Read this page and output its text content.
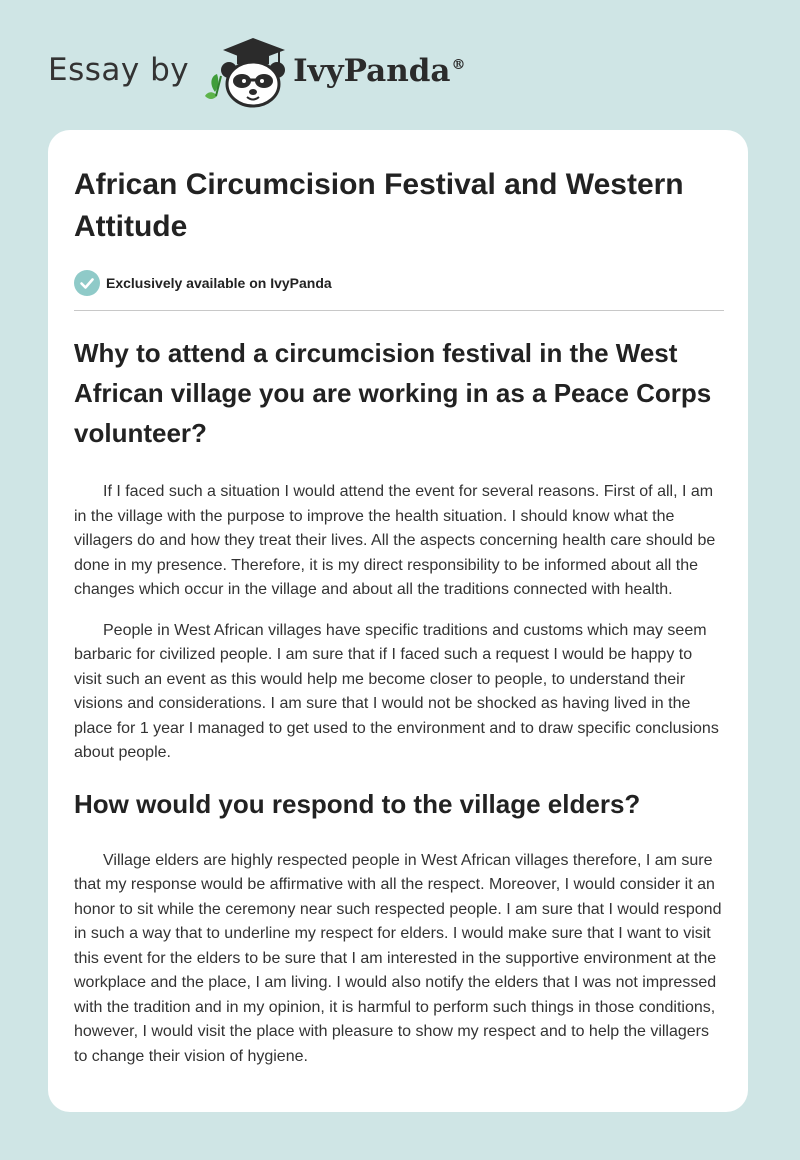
Essay by	IvyPanda®
African Circumcision Festival and Western Attitude
Exclusively available on IvyPanda
Why to attend a circumcision festival in the West African village you are working in as a Peace Corps volunteer?

If I faced such a situation I would attend the event for several reasons. First of all, I am in the village with the purpose to improve the health situation. I should know what the villagers do and how they treat their lives. All the aspects concerning health care should be done in my presence. Therefore, it is my direct responsibility to be informed about all the changes which occur in the village and about all the traditions connected with health.

People in West African villages have specific traditions and customs which may seem barbaric for civilized people. I am sure that if I faced such a request I would be happy to visit such an event as this would help me become closer to people, to understand their visions and considerations. I am sure that I would not be shocked as having lived in the place for 1 year I managed to get used to the environment and to draw specific conclusions about people.

How would you respond to the village elders?

Village elders are highly respected people in West African villages therefore, I am sure that my response would be affirmative with all the respect. Moreover, I would consider it an honor to sit while the ceremony near such respected people. I am sure that I would respond in such a way that to underline my respect for elders. I would make sure that I want to visit this event for the elders to be sure that I am interested in the supportive environment at the workplace and the place, I am living. I would also notify the elders that I was not impressed with the tradition and in my opinion, it is harmful to perform such things in those conditions, however, I would visit the place with pleasure to show my respect and to help the villagers to change their vision of hygiene.
